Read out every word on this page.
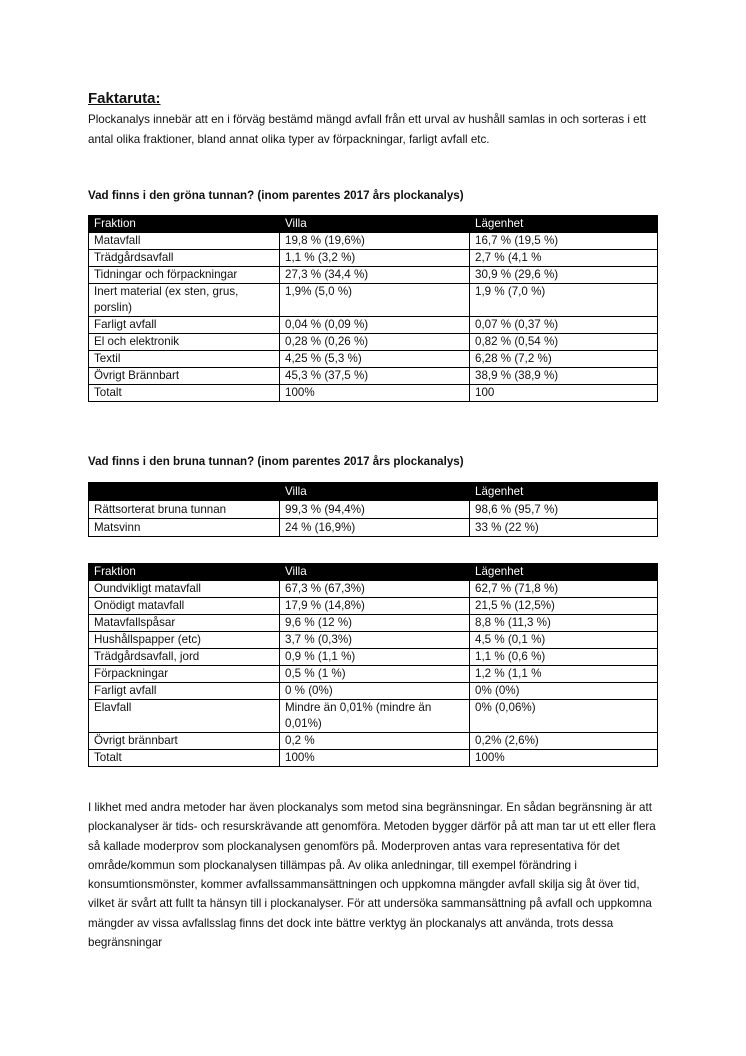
Faktaruta:
Plockanalys innebär att en i förväg bestämd mängd avfall från ett urval av hushåll samlas in och sorteras i ett antal olika fraktioner, bland annat olika typer av förpackningar, farligt avfall etc.
Vad finns i den gröna tunnan? (inom parentes 2017 års plockanalys)
Fraktion	Villa	Lägenhet
Matavfall	19,8 % (19,6%)	16,7 % (19,5 %)
Trädgårdsavfall	1,1 % (3,2 %)	2,7 % (4,1 %
Tidningar och förpackningar	27,3 % (34,4 %)	30,9 % (29,6 %)
Inert material (ex sten, grus, porslin)	1,9% (5,0 %)	1,9 % (7,0 %)
Farligt avfall	0,04 % (0,09 %)	0,07 % (0,37 %)
El och elektronik	0,28 % (0,26 %)	0,82 % (0,54 %)
Textil	4,25 % (5,3 %)	6,28 % (7,2 %)
Övrigt Brännbart	45,3 % (37,5 %)	38,9 % (38,9 %)
Totalt	100%	100
Vad finns i den bruna tunnan? (inom parentes 2017 års plockanalys)
	Villa	Lägenhet
Rättsorterat bruna tunnan	99,3 % (94,4%)	98,6 % (95,7 %)
Matsvinn	24 % (16,9%)	33 % (22 %)
Fraktion	Villa	Lägenhet
Oundvikligt matavfall	67,3 % (67,3%)	62,7 % (71,8 %)
Onödigt matavfall	17,9 % (14,8%)	21,5 % (12,5%)
Matavfallspåsar	9,6 % (12 %)	8,8 % (11,3 %)
Hushållspapper (etc)	3,7 % (0,3%)	4,5 % (0,1 %)
Trädgårdsavfall, jord	0,9 % (1,1 %)	1,1 % (0,6 %)
Förpackningar	0,5 % (1 %)	1,2 % (1,1 %
Farligt avfall	0 % (0%)	0% (0%)
Elavfall	Mindre än 0,01% (mindre än 0,01%)	0% (0,06%)
Övrigt brännbart	0,2 %	0,2% (2,6%)
Totalt	100%	100%
I likhet med andra metoder har även plockanalys som metod sina begränsningar. En sådan begränsning är att plockanalyser är tids- och resurskrävande att genomföra. Metoden bygger därför på att man tar ut ett eller flera så kallade moderprov som plockanalysen genomförs på. Moderproven antas vara representativa för det område/kommun som plockanalysen tillämpas på. Av olika anledningar, till exempel förändring i konsumtionsmönster, kommer avfallssammansättningen och uppkomna mängder avfall skilja sig åt över tid, vilket är svårt att fullt ta hänsyn till i plockanalyser. För att undersöka sammansättning på avfall och uppkomna mängder av vissa avfallsslag finns det dock inte bättre verktyg än plockanalys att använda, trots dessa begränsningar
